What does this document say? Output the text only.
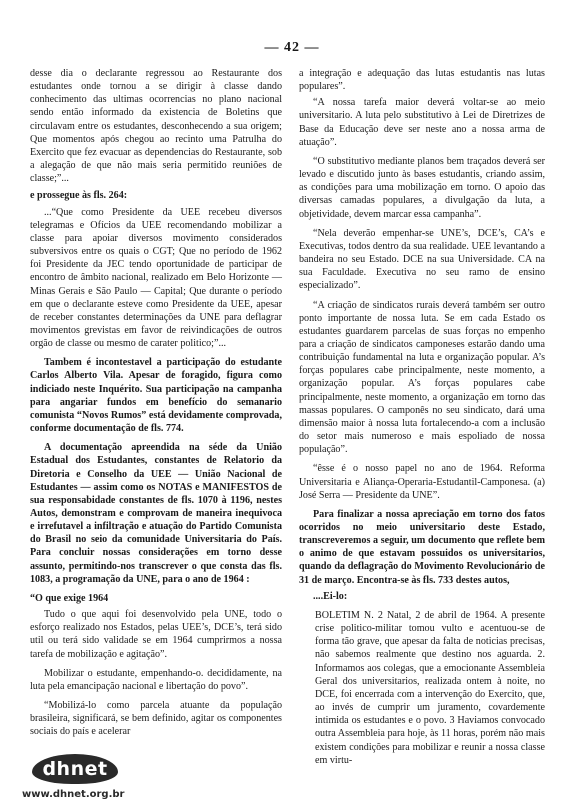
— 42 —

desse dia o declarante regressou ao Restaurante dos estudantes onde tornou a se dirigir à classe dando conhecimento das ultimas ocorrencias no plano nacional sendo então informado da existencia de Boletins que circulavam entre os estudantes, desconhecendo a sua origem; Que momentos após chegou ao recinto uma Patrulha do Exercito que fez evacuar as dependencias do Restaurante, sob a alegação de que não mais seria permitido reuniões de classe;”...

e prossegue às fls. 264:

...“Que como Presidente da UEE recebeu diversos telegramas e Ofícios da UEE recomendando mobilizar a classe para apoiar diversos movimento considerados subversivos entre os quais o CGT; Que no período de 1962 foi Presidente da JEC tendo oportunidade de participar de encontro de âmbito nacional, realizado em Belo Horizonte — Minas Gerais e São Paulo — Capital; Que durante o período em que o declarante esteve como Presidente da UEE, apesar de receber constantes determinações da UNE para deflagrar movimentos grevistas em favor de reivindicações de outros orgão de classe ou mesmo de carater politico;”...

Tambem é incontestavel a participação do estudante Carlos Alberto Vila. Apesar de foragido, figura como indiciado neste Inquérito. Sua participação na campanha para angariar fundos em benefício do semanario comunista “Novos Rumos” está devidamente comprovada, conforme documentação de fls. 774.

A documentação apreendida na séde da União Estadual dos Estudantes, constantes de Relatorio da Diretoria e Conselho da UEE — União Nacional de Estudantes — assim como os NOTAS e MANIFESTOS de sua responsabidade constantes de fls. 1070 à 1196, nestes Autos, demonstram e comprovam de maneira inequivoca e irrefutavel a infiltração e atuação do Partido Comunista do Brasil no seio da comunidade Universitaria do País. Para concluir nossas considerações em torno desse assunto, permitindo-nos transcrever o que consta das fls. 1083, a programação da UNE, para o ano de 1964 :

“O que exige 1964

Tudo o que aqui foi desenvolvido pela UNE, todo o esforço realizado nos Estados, pelas UEE’s, DCE’s, terá sido util ou terá sido validade se em 1964 cumprirmos a nossa tarefa de mobilização e agitação”.

Mobilizar o estudante, empenhando-o. decididamente, na luta pela emancipação nacional e libertação do povo”.

“Mobilizá-lo como parcela atuante da população brasileira, significará, se bem definido, agitar os componentes sociais do país e acelerar

a integração e adequação das lutas estudantis nas lutas populares”.

“A nossa tarefa maior deverá voltar-se ao meio universitario. A luta pelo substitutivo à Lei de Diretrizes de Base da Educação deve ser neste ano a nossa arma de atuação”.

“O substitutivo mediante planos bem traçados deverá ser levado e discutido junto às bases estudantis, criando assim, as condições para uma mobilização em torno. O apoio das diversas camadas populares, a divulgação da luta, a objetividade, devem marcar essa campanha”.

“Nela deverão empenhar-se UNE’s, DCE’s, CA’s e Executivas, todos dentro da sua realidade. UEE levantando a bandeira no seu Estado. DCE na sua Universidade. CA na sua Faculdade. Executiva no seu ramo de ensino especializado”.

“A criação de sindicatos rurais deverá também ser outro ponto importante de nossa luta. Se em cada Estado os estudantes guardarem parcelas de suas forças no empenho para a criação de sindicatos camponeses estarão dando uma contribuição fundamental na luta e organização popular. A’s forças populares cabe principalmente, neste momento, a organização popular. A’s forças populares cabe principalmente, neste momento, a organização em torno das massas populares. O camponês no seu sindicato, dará uma dimensão maior à nossa luta fortalecendo-a com a inclusão do setor mais numeroso e mais espoliado de nossa população”.

“êsse é o nosso papel no ano de 1964. Reforma Universitaria e Aliança-Operaria-Estudantil-Camponesa. (a) José Serra — Presidente da UNE”.

Para finalizar a nossa apreciação em torno dos fatos ocorridos no meio universitario deste Estado, transcreveremos a seguir, um documento que reflete bem o animo de que estavam possuidos os universitarios, quando da deflagração do Movimento Revolucionário de 31 de março. Encontra-se às fls. 733 destes autos,

....Ei-lo:

BOLETIM N. 2 Natal, 2 de abril de 1964. A presente crise politico-militar tomou vulto e acentuou-se de forma tão grave, que apesar da falta de noticias precisas, não sabemos realmente que destino nos aguarda. 2. Informamos aos colegas, que a emocionante Assembleia Geral dos universitarios, realizada ontem à noite, no DCE, foi encerrada com a intervenção do Exercito, que, ao invés de cumprir um juramento, covardemente intimida os estudantes e o povo. 3 Haviamos convocado outra Assembleia para hoje, às 11 horas, porém não mais existem condições para mobilizar e reunir a nossa classe em virtu-

dhnet
www.dhnet.org.br
